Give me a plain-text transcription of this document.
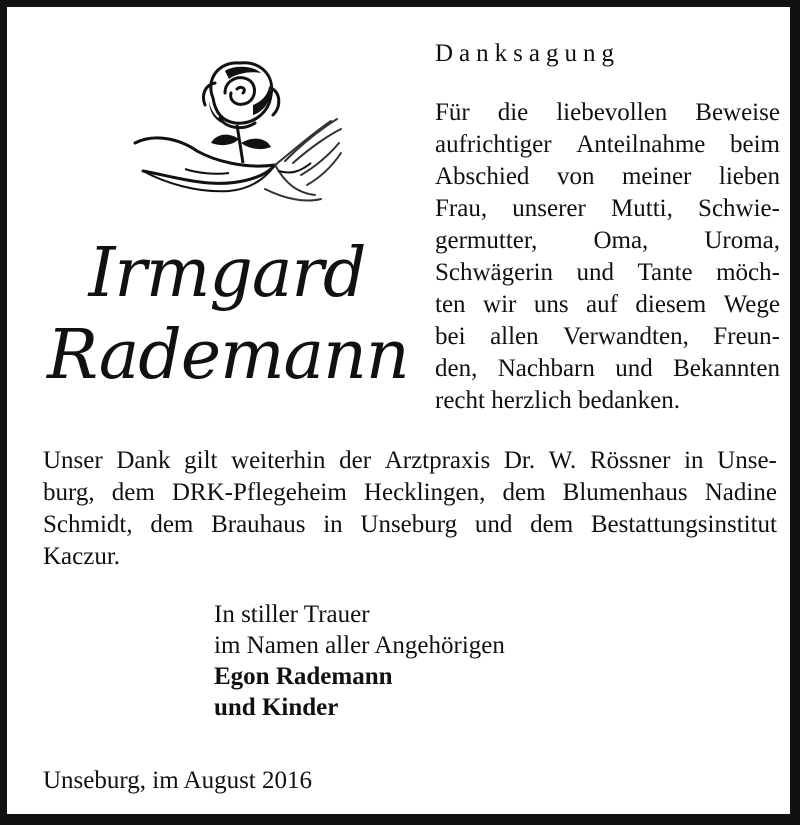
Irmgard
Rademann
Danksagung
Für die liebevollen Beweise
aufrichtiger Anteilnahme beim
Abschied von meiner lieben
Frau, unserer Mutti, Schwie-
germutter, Oma, Uroma,
Schwägerin und Tante möch-
ten wir uns auf diesem Wege
bei allen Verwandten, Freun-
den, Nachbarn und Bekannten
recht herzlich bedanken.
Unser Dank gilt weiterhin der Arztpraxis Dr. W. Rössner in Unse-
burg, dem DRK-Pflegeheim Hecklingen, dem Blumenhaus Nadine
Schmidt, dem Brauhaus in Unseburg und dem Bestattungsinstitut
Kaczur.
In stiller Trauer
im Namen aller Angehörigen
Egon Rademann
und Kinder
Unseburg, im August 2016
